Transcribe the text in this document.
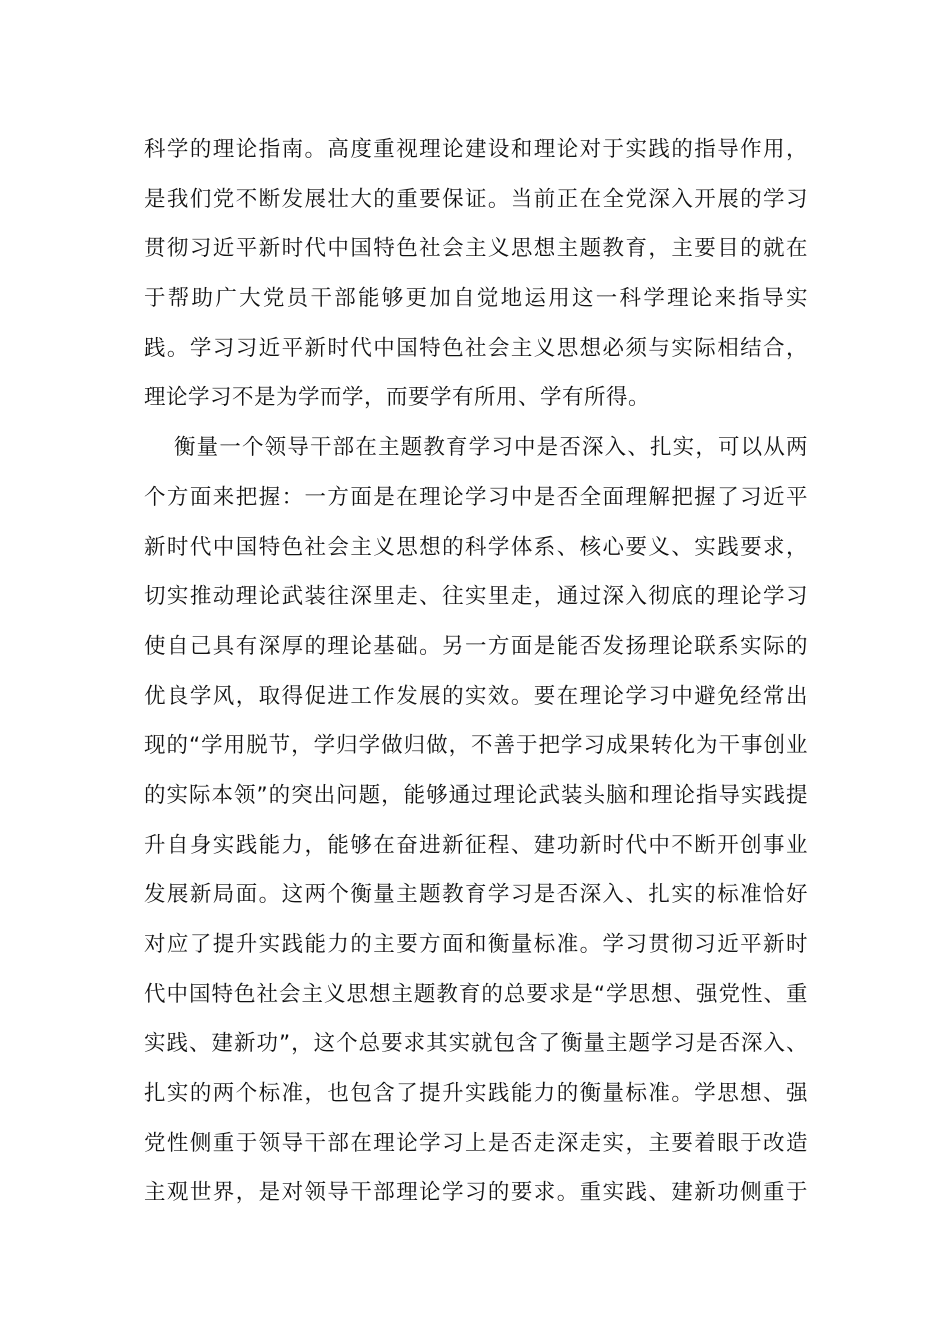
科学的理论指南。高度重视理论建设和理论对于实践的指导作用，
是我们党不断发展壮大的重要保证。当前正在全党深入开展的学习
贯彻习近平新时代中国特色社会主义思想主题教育，主要目的就在
于帮助广大党员干部能够更加自觉地运用这一科学理论来指导实
践。学习习近平新时代中国特色社会主义思想必须与实际相结合，
理论学习不是为学而学，而要学有所用、学有所得。
衡量一个领导干部在主题教育学习中是否深入、扎实，可以从两
个方面来把握：一方面是在理论学习中是否全面理解把握了习近平
新时代中国特色社会主义思想的科学体系、核心要义、实践要求，
切实推动理论武装往深里走、往实里走，通过深入彻底的理论学习
使自己具有深厚的理论基础。另一方面是能否发扬理论联系实际的
优良学风，取得促进工作发展的实效。要在理论学习中避免经常出
现的“学用脱节，学归学做归做，不善于把学习成果转化为干事创业
的实际本领”的突出问题，能够通过理论武装头脑和理论指导实践提
升自身实践能力，能够在奋进新征程、建功新时代中不断开创事业
发展新局面。这两个衡量主题教育学习是否深入、扎实的标准恰好
对应了提升实践能力的主要方面和衡量标准。学习贯彻习近平新时
代中国特色社会主义思想主题教育的总要求是“学思想、强党性、重
实践、建新功”，这个总要求其实就包含了衡量主题学习是否深入、
扎实的两个标准，也包含了提升实践能力的衡量标准。学思想、强
党性侧重于领导干部在理论学习上是否走深走实，主要着眼于改造
主观世界，是对领导干部理论学习的要求。重实践、建新功侧重于
